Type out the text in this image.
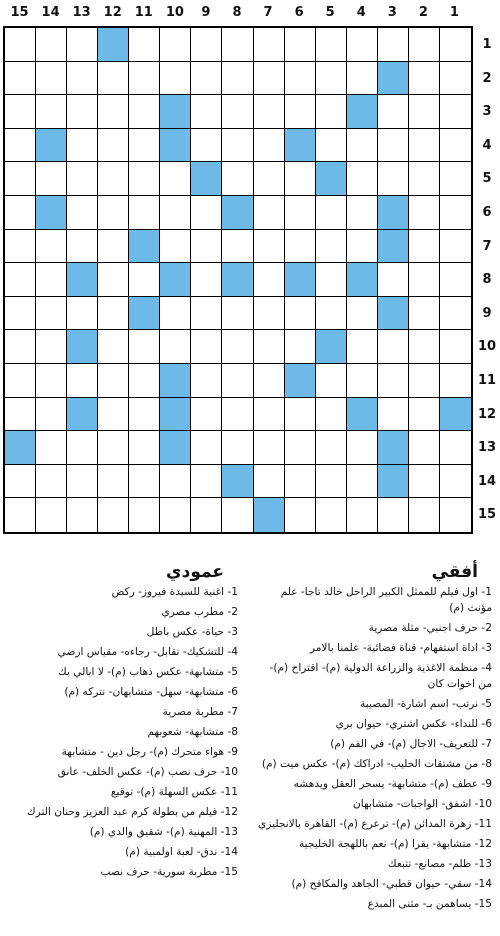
15 14 13 12 11 10	9	8	7	6	5	4	3	2	1
1
2
3
4
5
6
7
8
9
10
11
12
13
14
15
أفقي
1- اول فيلم للممثل الكبير الراحل خالد تاجا- علم مؤنث (م)
2- حرف اجنبي- مثلة مصرية
3- اداة استفهام- قناة فضائية- علمنا بالامر
4- منظمة الاغذية والزراعة الدولية (م)- اقتراح (م)- من اخوات كان
5- نرتب- اسم اشارة- المصيبة
6- للنداء- عكس اشتري- حيوان بري
7- للتعريف- الاجال (م)- في الفم (م)
8- من مشتقات الحليب- ادراكك (م)- عكس ميت (م)
9- عطف (م)- متشابهة- يسحر العقل ويدهشه
10- اشفق- الواجبات- متشابهان
11- زهرة المدائن (م)- ترعرع (م)- القاهرة بالانجليزي
12- متشابهة- يقرا (م)- نعم باللهجة الخليجية
13- ظلم- مصانع- تتبعك
14- سقي- حيوان قطبي- الجاهد والمكافح (م)
15- يساهمن بـ- مثنى المبدع
عمودي
1- اغنية للسيدة فيروز- ركض
2- مطرب مصري
3- حياة- عكس باطل
4- للتشكيك- تقابل- رجاءه- مقياس ارضي
5- متشابهة- عكس ذهاب (م)- لا ابالي بك
6- متشابهة- سهل- متشابهان- نتركه (م)
7- مطربة مصرية
8- متشابهة- شعوبهم
9- هواء متحرك (م)- رجل دين - متشابهة
10- حرف نصب (م)- عكس الخلف- عانق
11- عكس السهلة (م)- توقيع
12- فيلم من بطولة كرم عبد العزيز وحنان الترك
13- المهنية (م)- شقيق والدي (م)
14- ندق- لعبة اولمبية (م)
15- مطربة سورية- حرف نصب
